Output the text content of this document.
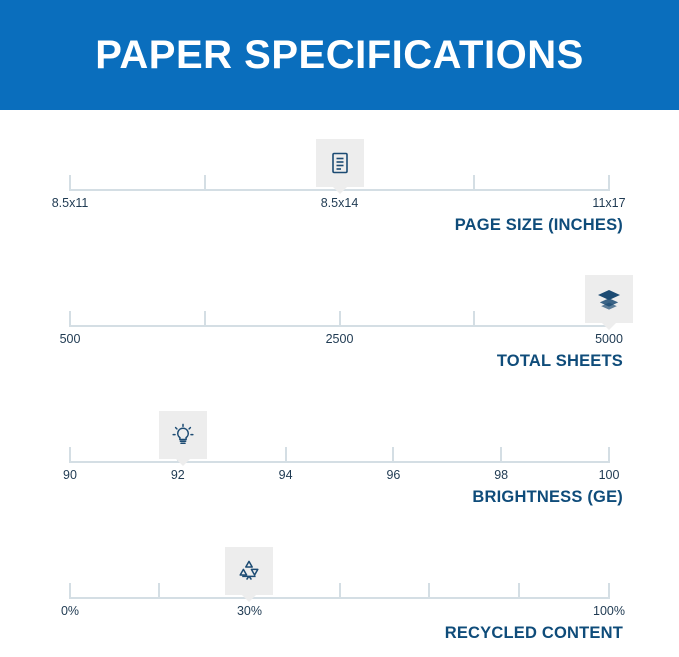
PAPER SPECIFICATIONS
8.5x11	8.5x14	11x17
PAGE SIZE (INCHES)
500	2500	5000
TOTAL SHEETS
90	92	94	96	98	100
BRIGHTNESS (GE)
0%	30%	100%
RECYCLED CONTENT
